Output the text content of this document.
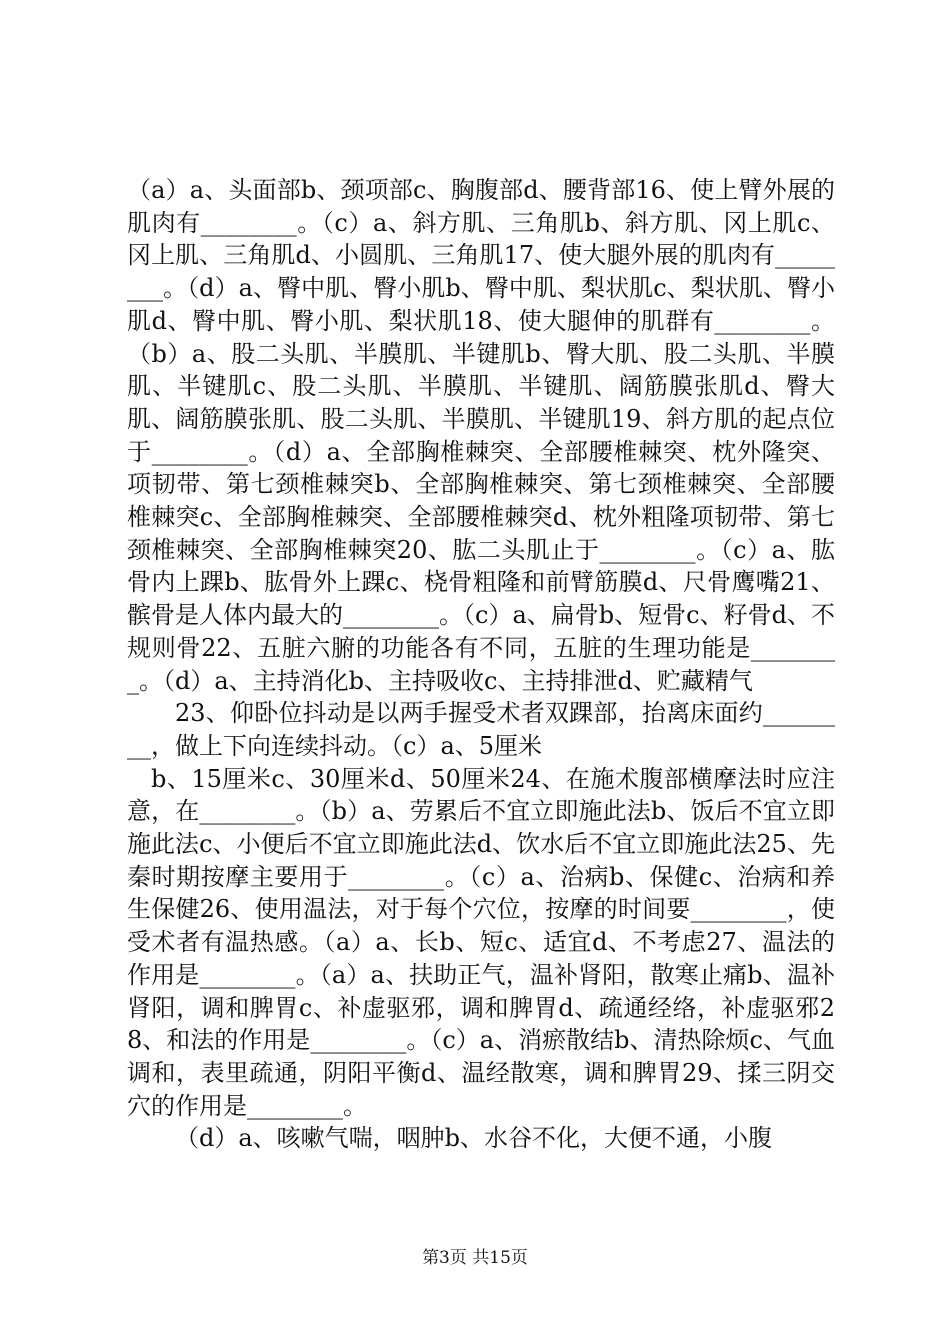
（a）a、头面部b、颈项部c、胸腹部d、腰背部16、使上臂外展的肌肉有________。（c）a、斜方肌、三角肌b、斜方肌、冈上肌c、冈上肌、三角肌d、小圆肌、三角肌17、使大腿外展的肌肉有________。（d）a、臀中肌、臀小肌b、臀中肌、梨状肌c、梨状肌、臀小肌d、臀中肌、臀小肌、梨状肌18、使大腿伸的肌群有________。（b）a、股二头肌、半膜肌、半键肌b、臀大肌、股二头肌、半膜肌、半键肌c、股二头肌、半膜肌、半键肌、阔筋膜张肌d、臀大肌、阔筋膜张肌、股二头肌、半膜肌、半键肌19、斜方肌的起点位于________。（d）a、全部胸椎棘突、全部腰椎棘突、枕外隆突、项韧带、第七颈椎棘突b、全部胸椎棘突、第七颈椎棘突、全部腰椎棘突c、全部胸椎棘突、全部腰椎棘突d、枕外粗隆项韧带、第七颈椎棘突、全部胸椎棘突20、肱二头肌止于________。（c）a、肱骨内上踝b、肱骨外上踝c、桡骨粗隆和前臂筋膜d、尺骨鹰嘴21、髌骨是人体内最大的________。（c）a、扁骨b、短骨c、籽骨d、不规则骨22、五脏六腑的功能各有不同，五脏的生理功能是________。（d）a、主持消化b、主持吸收c、主持排泄d、贮藏精气

23、仰卧位抖动是以两手握受术者双踝部，抬离床面约________，做上下向连续抖动。（c）a、5厘米

b、15厘米c、30厘米d、50厘米24、在施术腹部横摩法时应注意，在________。（b）a、劳累后不宜立即施此法b、饭后不宜立即施此法c、小便后不宜立即施此法d、饮水后不宜立即施此法25、先秦时期按摩主要用于________。（c）a、治病b、保健c、治病和养生保健26、使用温法，对于每个穴位，按摩的时间要________，使受术者有温热感。（a）a、长b、短c、适宜d、不考虑27、温法的作用是________。（a）a、扶助正气，温补肾阳，散寒止痛b、温补肾阳，调和脾胃c、补虚驱邪，调和脾胃d、疏通经络，补虚驱邪28、和法的作用是________。（c）a、消瘀散结b、清热除烦c、气血调和，表里疏通，阴阳平衡d、温经散寒，调和脾胃29、揉三阴交穴的作用是________。

（d）a、咳嗽气喘，咽肿b、水谷不化，大便不通，小腹

第3页 共15页
